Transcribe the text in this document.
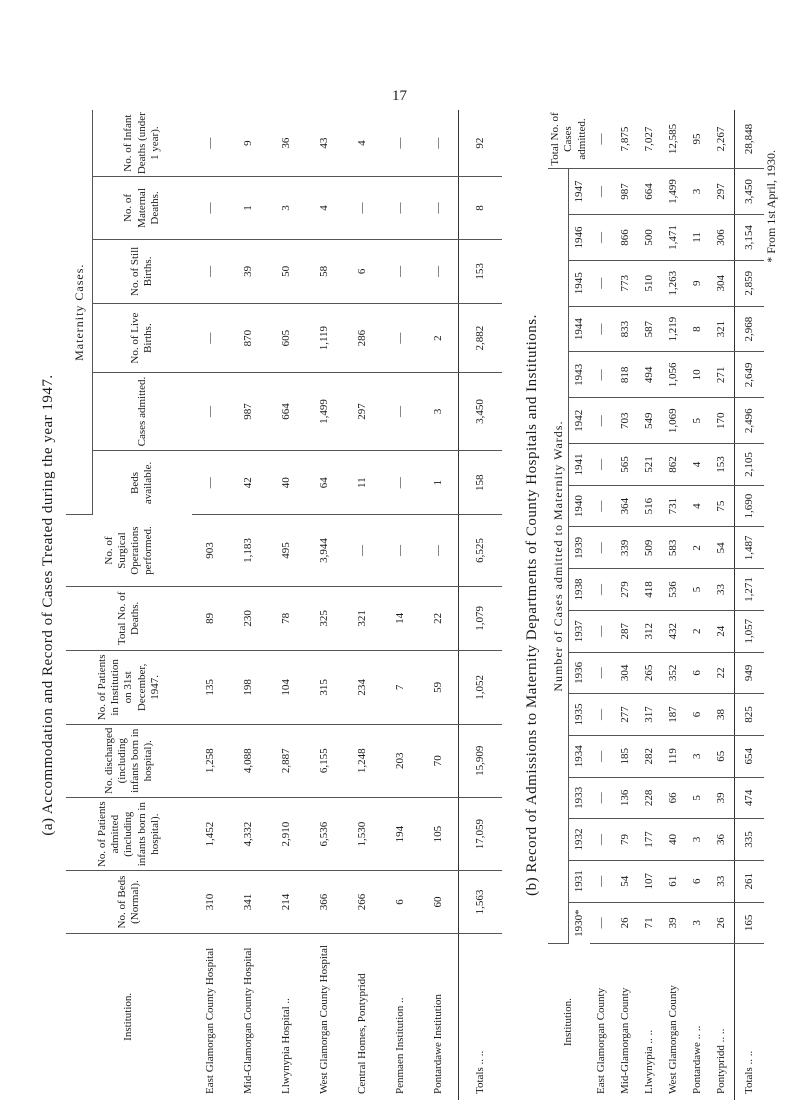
17
(a) Accommodation and Record of Cases Treated during the year 1947.
Institution.	No. of Beds (Normal).	No. of Patients admitted (including infants born in hospital).	No. discharged (including infants born in hospital).	No. of Patients in Institution on 31st December, 1947.	Total No. of Deaths.	No. of Surgical Operations performed.	Maternity Cases.					
							Beds available.	Cases admitted.	No. of Live Births.	No. of Still Births.	No. of Maternal Deaths.	No. of Infant Deaths (under 1 year).
East Glamorgan County Hospital	310	1,452	1,258	135	89	903	—	—	—	—	—	—
Mid-Glamorgan County Hospital	341	4,332	4,088	198	230	1,183	42	987	870	39	1	9
Llwynypia Hospital ..	214	2,910	2,887	104	78	495	40	664	605	50	3	36
West Glamorgan County Hospital	366	6,536	6,155	315	325	3,944	64	1,499	1,119	58	4	43
Central Homes, Pontypridd	266	1,530	1,248	234	321	—	11	297	286	6	—	4
Penmaen Institution ..	6	194	203	7	14	—	—	—	—	—	—	—
Pontardawe Institution	60	105	70	59	22	—	1	3	2	—	—	—
Totals .. ..	1,563	17,059	15,909	1,052	1,079	6,525	158	3,450	2,882	153	8	92
(b) Record of Admissions to Maternity Departments of County Hospitals and Institutions.
Institution.	Number of Cases admitted to Maternity Wards.																		Total No. of Cases admitted.
	1930*	1931	1932	1933	1934	1935	1936	1937	1938	1939	1940	1941	1942	1943	1944	1945	1946	1947	
East Glamorgan County	—	—	—	—	—	—	—	—	—	—	—	—	—	—	—	—	—	—	—
Mid-Glamorgan County	26	54	79	136	185	277	304	287	279	339	364	565	703	818	833	773	866	987	7,875
Llwynypia .. ..	71	107	177	228	282	317	265	312	418	509	516	521	549	494	587	510	500	664	7,027
West Glamorgan County	39	61	40	66	119	187	352	432	536	583	731	862	1,069	1,056	1,219	1,263	1,471	1,499	12,585
Pontardawe .. ..	3	6	3	5	3	6	6	2	5	2	4	4	5	10	8	9	11	3	95
Pontypridd .. ..	26	33	36	39	65	38	22	24	33	54	75	153	170	271	321	304	306	297	2,267
Totals .. ..	165	261	335	474	654	825	949	1,057	1,271	1,487	1,690	2,105	2,496	2,649	2,968	2,859	3,154	3,450	28,848
* From 1st April, 1930.
